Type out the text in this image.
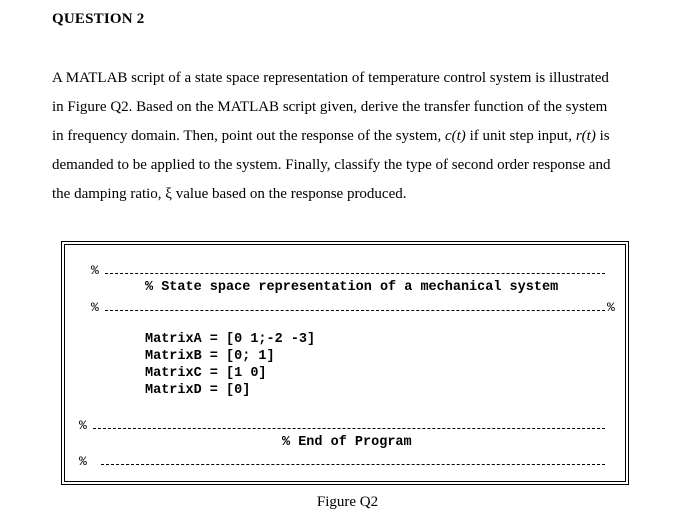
QUESTION 2
A MATLAB script of a state space representation of temperature control system is illustrated
in Figure Q2. Based on the MATLAB script given, derive the transfer function of the system
in frequency domain. Then, point out the response of the system, c(t) if unit step input, r(t) is
demanded to be applied to the system. Finally, classify the type of second order response and
the damping ratio, ξ value based on the response produced.
%
% State space representation of a mechanical system
%	%
MatrixA = [0 1;-2 -3]
MatrixB = [0; 1]
MatrixC = [1 0]
MatrixD = [0]
%
% End of Program
%
Figure Q2
